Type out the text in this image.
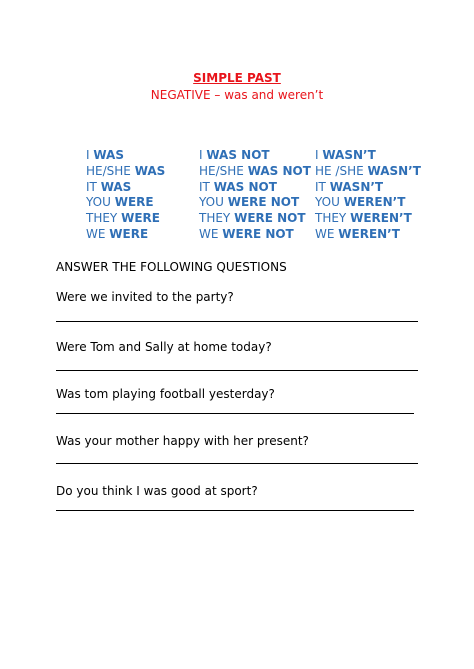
SIMPLE PAST
NEGATIVE – was and weren’t
I WAS
HE/SHE WAS
IT WAS
YOU WERE
THEY WERE
WE WERE
I WAS NOT
HE/SHE WAS NOT
IT WAS NOT
YOU WERE NOT
THEY WERE NOT
WE WERE NOT
I WASN’T
HE /SHE WASN’T
IT WASN’T
YOU WEREN’T
THEY WEREN’T
WE WEREN’T
ANSWER THE FOLLOWING QUESTIONS
Were we invited to the party?
Were Tom and Sally at home today?
Was tom playing football yesterday?
Was your mother happy with her present?
Do you think I was good at sport?
